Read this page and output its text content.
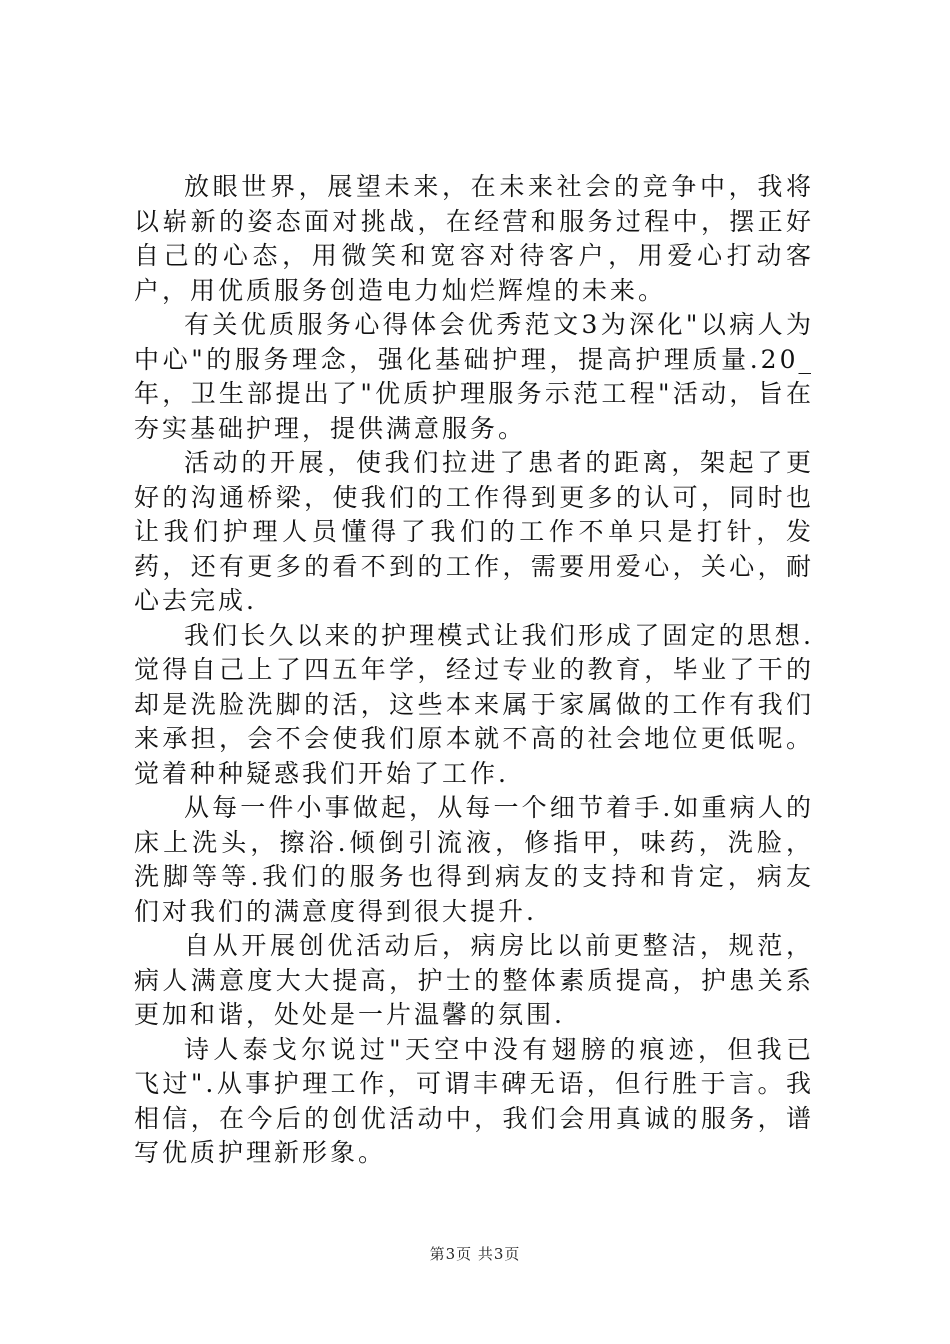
放眼世界，展望未来，在未来社会的竞争中，我将以崭新的姿态面对挑战，在经营和服务过程中，摆正好自己的心态，用微笑和宽容对待客户，用爱心打动客户，用优质服务创造电力灿烂辉煌的未来。

有关优质服务心得体会优秀范文3为深化"以病人为中心"的服务理念，强化基础护理，提高护理质量.20_年，卫生部提出了"优质护理服务示范工程"活动，旨在夯实基础护理，提供满意服务。

活动的开展，使我们拉进了患者的距离，架起了更好的沟通桥梁，使我们的工作得到更多的认可，同时也让我们护理人员懂得了我们的工作不单只是打针，发药，还有更多的看不到的工作，需要用爱心，关心，耐心去完成.

我们长久以来的护理模式让我们形成了固定的思想.觉得自己上了四五年学，经过专业的教育，毕业了干的却是洗脸洗脚的活，这些本来属于家属做的工作有我们来承担，会不会使我们原本就不高的社会地位更低呢。觉着种种疑惑我们开始了工作.

从每一件小事做起，从每一个细节着手.如重病人的床上洗头，擦浴.倾倒引流液，修指甲，味药，洗脸，洗脚等等.我们的服务也得到病友的支持和肯定，病友们对我们的满意度得到很大提升.

自从开展创优活动后，病房比以前更整洁，规范，病人满意度大大提高，护士的整体素质提高，护患关系更加和谐，处处是一片温馨的氛围.

诗人泰戈尔说过"天空中没有翅膀的痕迹，但我已飞过".从事护理工作，可谓丰碑无语，但行胜于言。我相信，在今后的创优活动中，我们会用真诚的服务，谱写优质护理新形象。

第3页 共3页
